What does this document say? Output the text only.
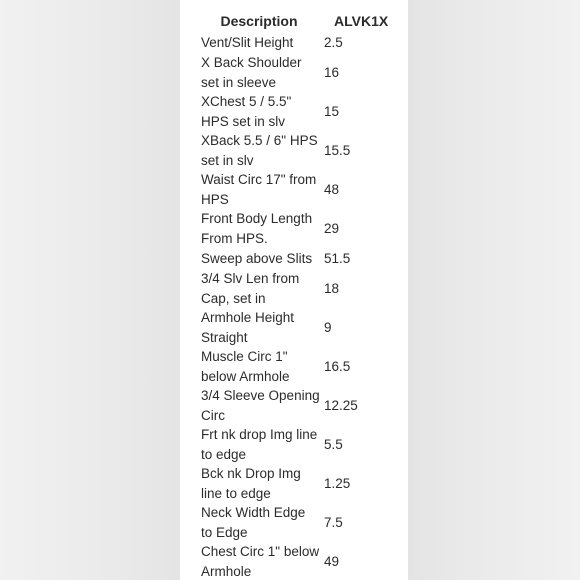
Description	ALVK1X
Vent/Slit Height	2.5
X Back Shoulder set in sleeve	16
XChest 5 / 5.5" HPS set in slv	15
XBack 5.5 / 6" HPS set in slv	15.5
Waist Circ 17" from HPS	48
Front Body Length From HPS.	29
Sweep above Slits	51.5
3/4 Slv Len from Cap, set in	18
Armhole Height Straight	9
Muscle Circ 1" below Armhole	16.5
3/4 Sleeve Opening Circ	12.25
Frt nk drop Img line to edge	5.5
Bck nk Drop Img line to edge	1.25
Neck Width Edge to Edge	7.5
Chest Circ 1" below Armhole	49
